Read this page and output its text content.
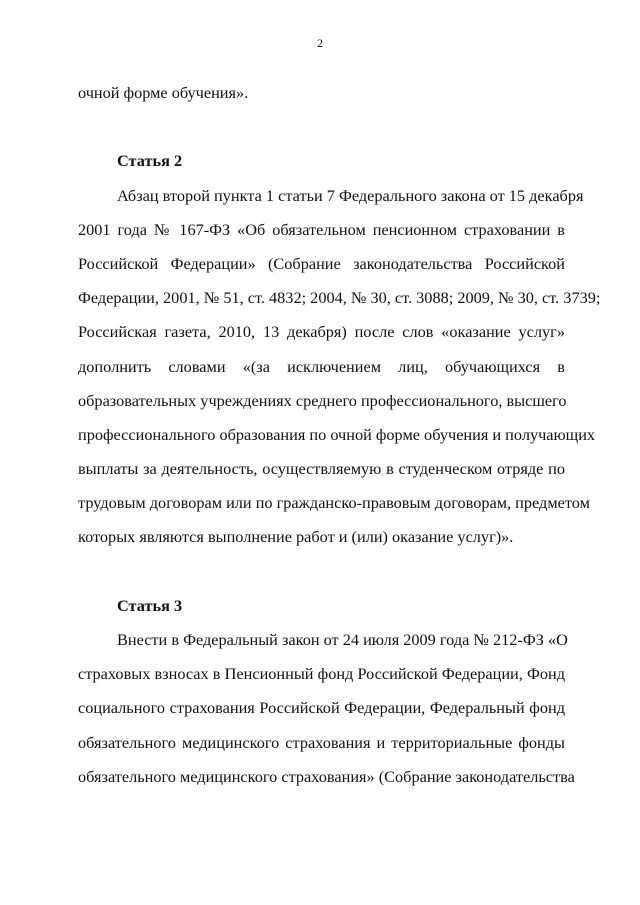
2
очной форме обучения».
Статья 2
Абзац второй пункта 1 статьи 7 Федерального закона от 15 декабря
2001 года № 167-ФЗ «Об обязательном пенсионном страховании в
Российской Федерации» (Собрание законодательства Российской
Федерации, 2001, № 51, ст. 4832; 2004, № 30, ст. 3088; 2009, № 30, ст. 3739;
Российская газета, 2010, 13 декабря) после слов «оказание услуг»
дополнить словами «(за исключением лиц, обучающихся в
образовательных учреждениях среднего профессионального, высшего
профессионального образования по очной форме обучения и получающих
выплаты за деятельность, осуществляемую в студенческом отряде по
трудовым договорам или по гражданско-правовым договорам, предметом
которых являются выполнение работ и (или) оказание услуг)».
Статья 3
Внести в Федеральный закон от 24 июля 2009 года № 212-ФЗ «О
страховых взносах в Пенсионный фонд Российской Федерации, Фонд
социального страхования Российской Федерации, Федеральный фонд
обязательного медицинского страхования и территориальные фонды
обязательного медицинского страхования» (Собрание законодательства
